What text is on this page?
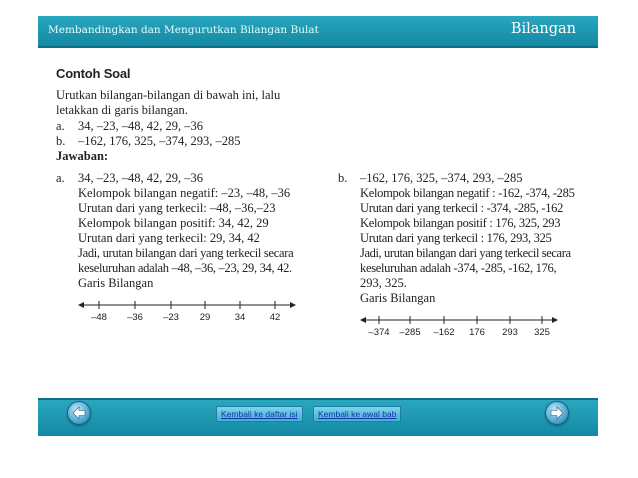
Membandingkan dan Mengurutkan Bilangan Bulat	Bilangan
Contoh Soal
Urutkan bilangan-bilangan di bawah ini, lalu
letakkan di garis bilangan.
a. 34, –23, –48, 42, 29, –36
b. –162, 176, 325, –374, 293, –285
Jawaban:
a. 34, –23, –48, 42, 29, –36
Kelompok bilangan negatif: –23, –48, –36
Urutan dari yang terkecil: –48, –36,–23
Kelompok bilangan positif: 34, 42, 29
Urutan dari yang terkecil: 29, 34, 42
Jadi, urutan bilangan dari yang terkecil secara
keseluruhan adalah –48, –36, –23, 29, 34, 42.
Garis Bilangan
–48 –36 –23 29	34	42
b. –162, 176, 325, –374, 293, –285
Kelompok bilangan negatif : -162, -374, -285
Urutan dari yang terkecil : -374, -285, -162
Kelompok bilangan positif : 176, 325, 293
Urutan dari yang terkecil : 176, 293, 325
Jadi, urutan bilangan dari yang terkecil secara
keseluruhan adalah -374, -285, -162, 176,
293, 325.
Garis Bilangan
–374 –285 –162 176 293 325
Kembali ke daftar isi	Kembali ke awal bab
